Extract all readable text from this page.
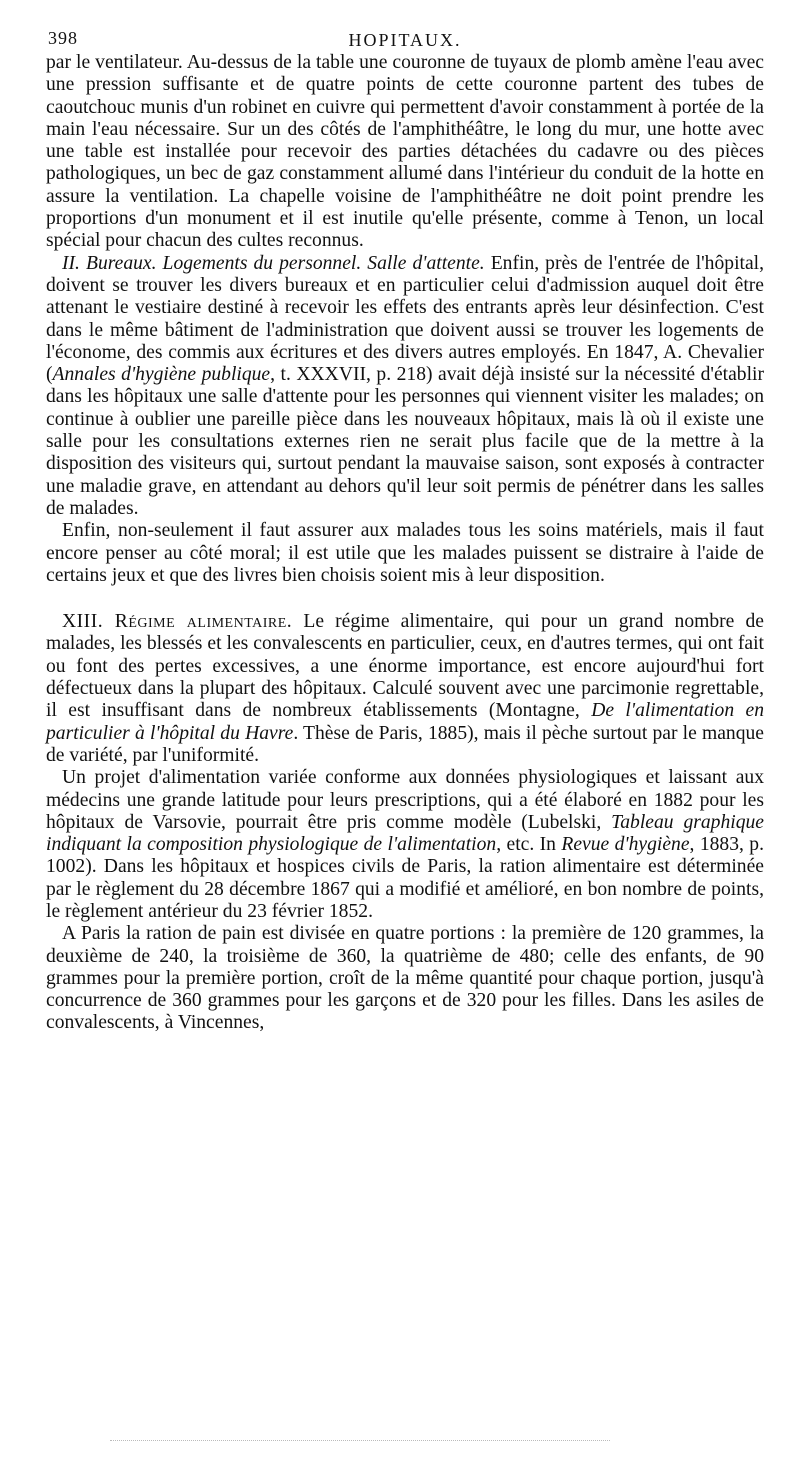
398	HOPITAUX.

par le ventilateur. Au-dessus de la table une couronne de tuyaux de plomb amène l'eau avec une pression suffisante et de quatre points de cette couronne partent des tubes de caoutchouc munis d'un robinet en cuivre qui permettent d'avoir constamment à portée de la main l'eau nécessaire. Sur un des côtés de l'amphithéâtre, le long du mur, une hotte avec une table est installée pour recevoir des parties détachées du cadavre ou des pièces pathologiques, un bec de gaz constamment allumé dans l'intérieur du conduit de la hotte en assure la ventilation. La chapelle voisine de l'amphithéâtre ne doit point prendre les proportions d'un monument et il est inutile qu'elle présente, comme à Tenon, un local spécial pour chacun des cultes reconnus.

II. Bureaux. Logements du personnel. Salle d'attente. Enfin, près de l'entrée de l'hôpital, doivent se trouver les divers bureaux et en particulier celui d'admission auquel doit être attenant le vestiaire destiné à recevoir les effets des entrants après leur désinfection. C'est dans le même bâtiment de l'administration que doivent aussi se trouver les logements de l'économe, des commis aux écritures et des divers autres employés. En 1847, A. Chevalier (Annales d'hygiène publique, t. XXXVII, p. 218) avait déjà insisté sur la nécessité d'établir dans les hôpitaux une salle d'attente pour les personnes qui viennent visiter les malades; on continue à oublier une pareille pièce dans les nouveaux hôpitaux, mais là où il existe une salle pour les consultations externes rien ne serait plus facile que de la mettre à la disposition des visiteurs qui, surtout pendant la mauvaise saison, sont exposés à contracter une maladie grave, en attendant au dehors qu'il leur soit permis de pénétrer dans les salles de malades.

Enfin, non-seulement il faut assurer aux malades tous les soins matériels, mais il faut encore penser au côté moral; il est utile que les malades puissent se distraire à l'aide de certains jeux et que des livres bien choisis soient mis à leur disposition.

XIII. Régime alimentaire. Le régime alimentaire, qui pour un grand nombre de malades, les blessés et les convalescents en particulier, ceux, en d'autres termes, qui ont fait ou font des pertes excessives, a une énorme importance, est encore aujourd'hui fort défectueux dans la plupart des hôpitaux. Calculé souvent avec une parcimonie regrettable, il est insuffisant dans de nombreux établissements (Montagne, De l'alimentation en particulier à l'hôpital du Havre. Thèse de Paris, 1885), mais il pèche surtout par le manque de variété, par l'uniformité.

Un projet d'alimentation variée conforme aux données physiologiques et laissant aux médecins une grande latitude pour leurs prescriptions, qui a été élaboré en 1882 pour les hôpitaux de Varsovie, pourrait être pris comme modèle (Lubelski, Tableau graphique indiquant la composition physiologique de l'alimentation, etc. In Revue d'hygiène, 1883, p. 1002). Dans les hôpitaux et hospices civils de Paris, la ration alimentaire est déterminée par le règlement du 28 décembre 1867 qui a modifié et amélioré, en bon nombre de points, le règlement antérieur du 23 février 1852.

A Paris la ration de pain est divisée en quatre portions : la première de 120 grammes, la deuxième de 240, la troisième de 360, la quatrième de 480; celle des enfants, de 90 grammes pour la première portion, croît de la même quantité pour chaque portion, jusqu'à concurrence de 360 grammes pour les garçons et de 320 pour les filles. Dans les asiles de convalescents, à Vincennes,
